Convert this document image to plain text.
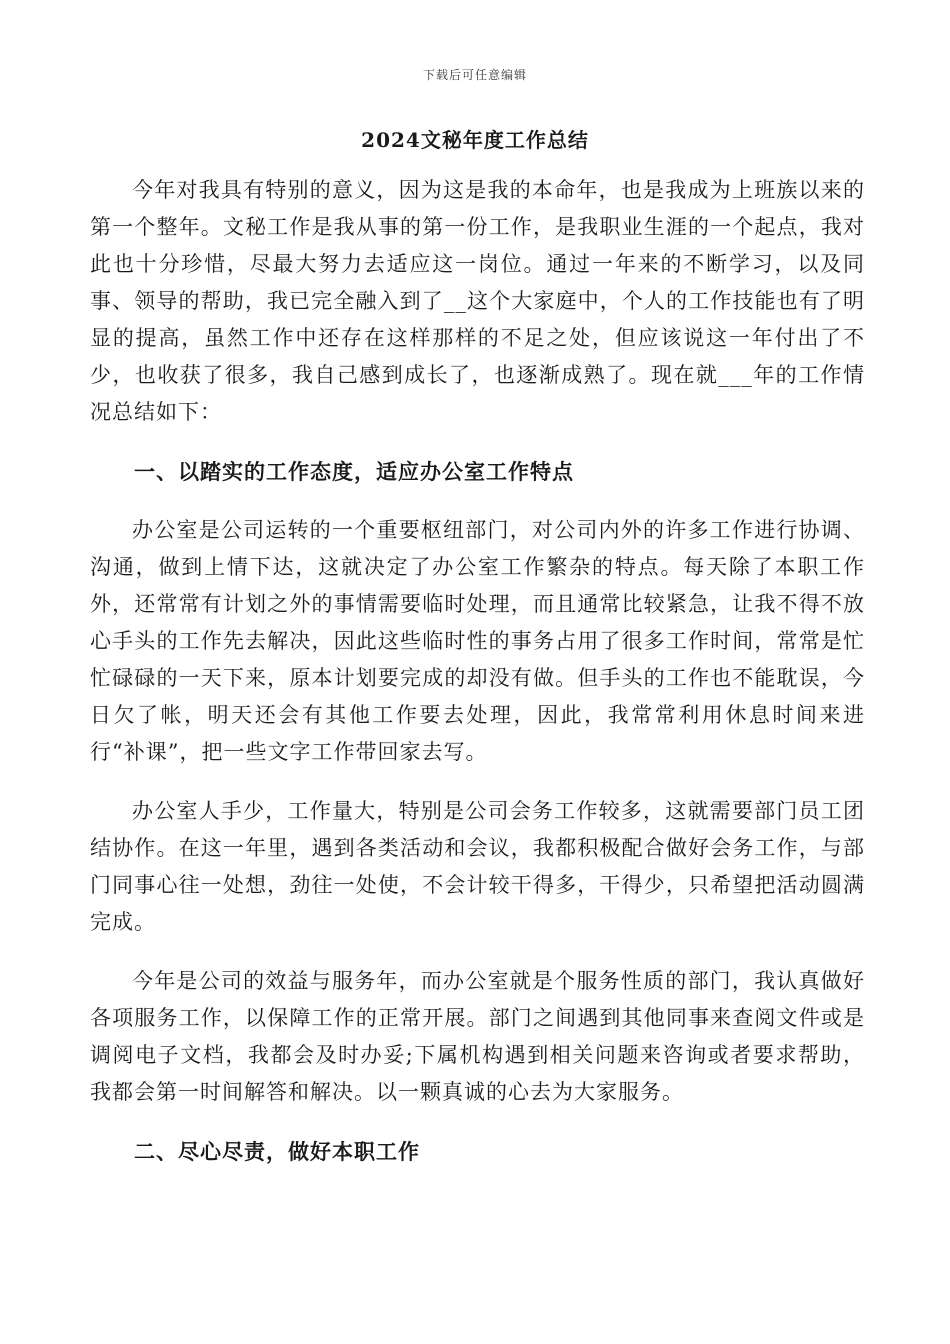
下载后可任意编辑
2024文秘年度工作总结

今年对我具有特别的意义，因为这是我的本命年，也是我成为上班族以来的第一个整年。文秘工作是我从事的第一份工作，是我职业生涯的一个起点，我对此也十分珍惜，尽最大努力去适应这一岗位。通过一年来的不断学习，以及同事、领导的帮助，我已完全融入到了__这个大家庭中，个人的工作技能也有了明显的提高，虽然工作中还存在这样那样的不足之处，但应该说这一年付出了不少，也收获了很多，我自己感到成长了，也逐渐成熟了。现在就___年的工作情况总结如下：

一、以踏实的工作态度，适应办公室工作特点

办公室是公司运转的一个重要枢纽部门，对公司内外的许多工作进行协调、沟通，做到上情下达，这就决定了办公室工作繁杂的特点。每天除了本职工作外，还常常有计划之外的事情需要临时处理，而且通常比较紧急，让我不得不放心手头的工作先去解决，因此这些临时性的事务占用了很多工作时间，常常是忙忙碌碌的一天下来，原本计划要完成的却没有做。但手头的工作也不能耽误，今日欠了帐，明天还会有其他工作要去处理，因此，我常常利用休息时间来进行“补课”，把一些文字工作带回家去写。

办公室人手少，工作量大，特别是公司会务工作较多，这就需要部门员工团结协作。在这一年里，遇到各类活动和会议，我都积极配合做好会务工作，与部门同事心往一处想，劲往一处使，不会计较干得多，干得少，只希望把活动圆满完成。

今年是公司的效益与服务年，而办公室就是个服务性质的部门，我认真做好各项服务工作，以保障工作的正常开展。部门之间遇到其他同事来查阅文件或是调阅电子文档，我都会及时办妥;下属机构遇到相关问题来咨询或者要求帮助，我都会第一时间解答和解决。以一颗真诚的心去为大家服务。

二、尽心尽责，做好本职工作
